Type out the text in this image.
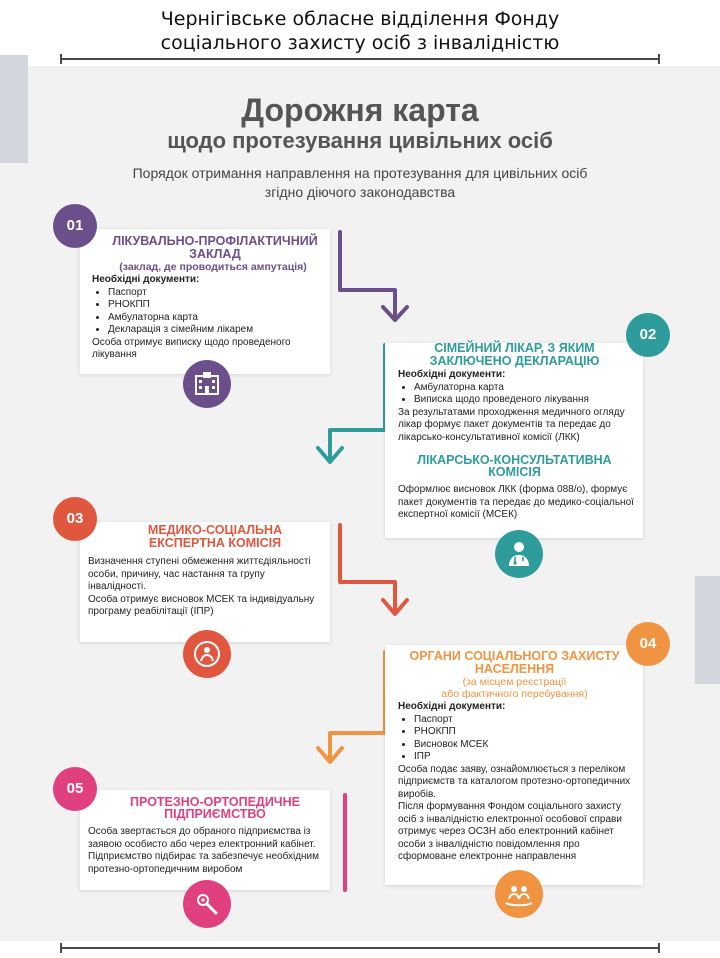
Чернігівське обласне відділення Фонду
соціального захисту осіб з інвалідністю
Дорожня карта
щодо протезування цивільних осіб
Порядок отримання направлення на протезування для цивільних осіб
згідно діючого законодавства
01
ЛІКУВАЛЬНО-ПРОФІЛАКТИЧНИЙ
ЗАКЛАД
(заклад, де проводиться ампутація)
Необхідні документи:
• Паспорт
• РНОКПП
• Амбулаторна карта
• Декларація з сімейним лікарем
Особа отримує виписку щодо проведеного лікування
02
СІМЕЙНИЙ ЛІКАР, З ЯКИМ
ЗАКЛЮЧЕНО ДЕКЛАРАЦІЮ
Необхідні документи:
• Амбулаторна карта
• Виписка щодо проведеного лікування
За результатами проходження медичного огляду лікар формує пакет документів та передає до лікарсько-консультативної комісії (ЛКК)
ЛІКАРСЬКО-КОНСУЛЬТАТИВНА
КОМІСІЯ
Оформлює висновок ЛКК (форма 088/о), формує пакет документів та передає до медико-соціальної експертної комісії (МСЕК)
03
МЕДИКО-СОЦІАЛЬНА
ЕКСПЕРТНА КОМІСІЯ
Визначення ступені обмеження життєдіяльності особи, причину, час настання та групу інвалідності.
Особа отримує висновок МСЕК та індивідуальну програму реабілітації (ІПР)
04
ОРГАНИ СОЦІАЛЬНОГО ЗАХИСТУ
НАСЕЛЕННЯ
(за місцем реєстрації
або фактичного перебування)
Необхідні документи:
• Паспорт
• РНОКПП
• Висновок МСЕК
• ІПР
Особа подає заяву, ознайомлюється з переліком підприємств та каталогом протезно-ортопедичних виробів.
Після формування Фондом соціального захисту осіб з інвалідністю електронної особової справи отримує через ОСЗН або електронний кабінет особи з інвалідністю повідомлення про сформоване електронне направлення
05
ПРОТЕЗНО-ОРТОПЕДИЧНЕ
ПІДПРИЄМСТВО
Особа звертається до обраного підприємства із заявою особисто або через електронний кабінет.
Підприємство підбирає та забезпечує необхідним протезно-ортопедичним виробом
